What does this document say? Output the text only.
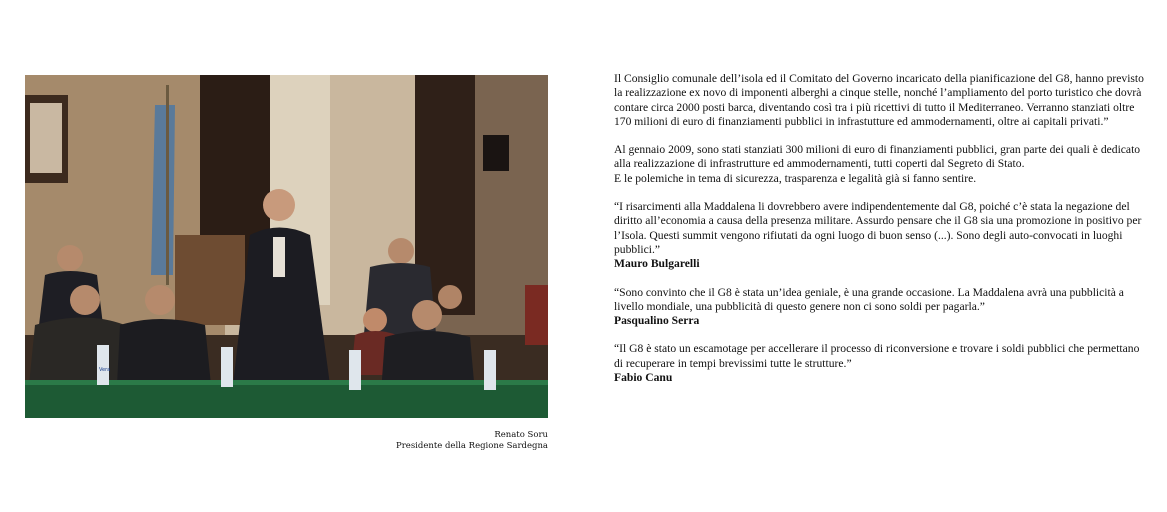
Vera
Renato Soru
Presidente della Regione Sardegna

Il Consiglio comunale dell’isola ed il Comitato del Governo incaricato della pianificazione del G8, hanno previsto la realizzazione ex novo di imponenti alberghi a cinque stelle, nonché l’ampliamento del porto turistico che dovrà contare circa 2000 posti barca, diventando così tra i più ricettivi di tutto il Mediterraneo. Verranno stanziati oltre 170 milioni di euro di finanziamenti pubblici in infrastutture ed ammodernamenti, oltre ai capitali privati.”

Al gennaio 2009, sono stati stanziati 300 milioni di euro di finanziamenti pubblici, gran parte dei quali è dedicato alla realizzazione di infrastrutture ed ammodernamenti, tutti coperti dal Segreto di Stato.

E le polemiche in tema di sicurezza, trasparenza e legalità già si fanno sentire.

“I risarcimenti alla Maddalena li dovrebbero avere indipendentemente dal G8, poiché c’è stata la negazione del diritto all’economia a causa della presenza militare. Assurdo pensare che il G8 sia una promozione in positivo per l’Isola. Questi summit vengono rifiutati da ogni luogo di buon senso (...). Sono degli auto-convocati in luoghi pubblici.”

Mauro Bulgarelli

“Sono convinto che il G8 è stata un’idea geniale, è una grande occasione. La Maddalena avrà una pubblicità a livello mondiale, una pubblicità di questo genere non ci sono soldi per pagarla.”

Pasqualino Serra

“Il G8 è stato un escamotage per accellerare il processo di riconversione e trovare i soldi pubblici che permettano di recuperare in tempi brevissimi tutte le strutture.”

Fabio Canu
